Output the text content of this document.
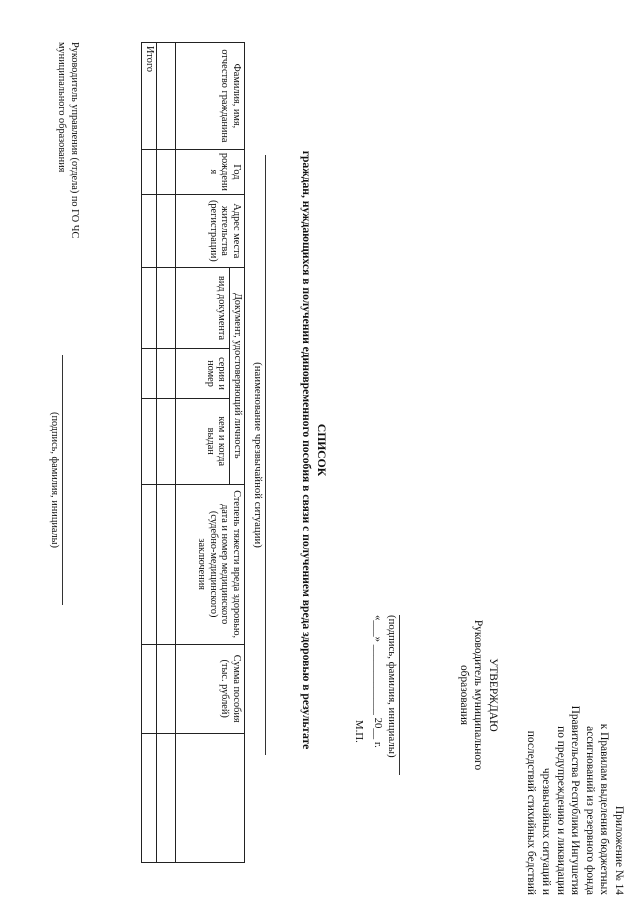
Приложение № 14
к Правилам выделения бюджетных
ассигнований из резервного фонда
Правительства Республики Ингушетия
по предупреждению и ликвидации
чрезвычайных ситуаций и
последствий стихийных бедствий
УТВЕРЖДАЮ
Руководитель муниципального образования
(подпись, фамилия, инициалы)
«___» _____________ 20__ г.
М.П.
СПИСОК
граждан, нуждающихся в получении единовременного пособия в связи с получением вреда здоровью в результате
(наименование чрезвычайной ситуации)
Фамилия, имя, отчество гражданина	Год рождени я	Адрес места жительства (регистрации)	Документ, удостоверяющий личность			Степень тяжести вреда здоровью, дата и номер медицинского (судебно-медицинского) заключения	Сумма пособия (тыс. рублей)	
			вид документа	серия и номер	кем и когда выдан			

Итого								
Руководитель управления (отдела) по ГО ЧС
муниципального образования
(подпись, фамилия, инициалы)
